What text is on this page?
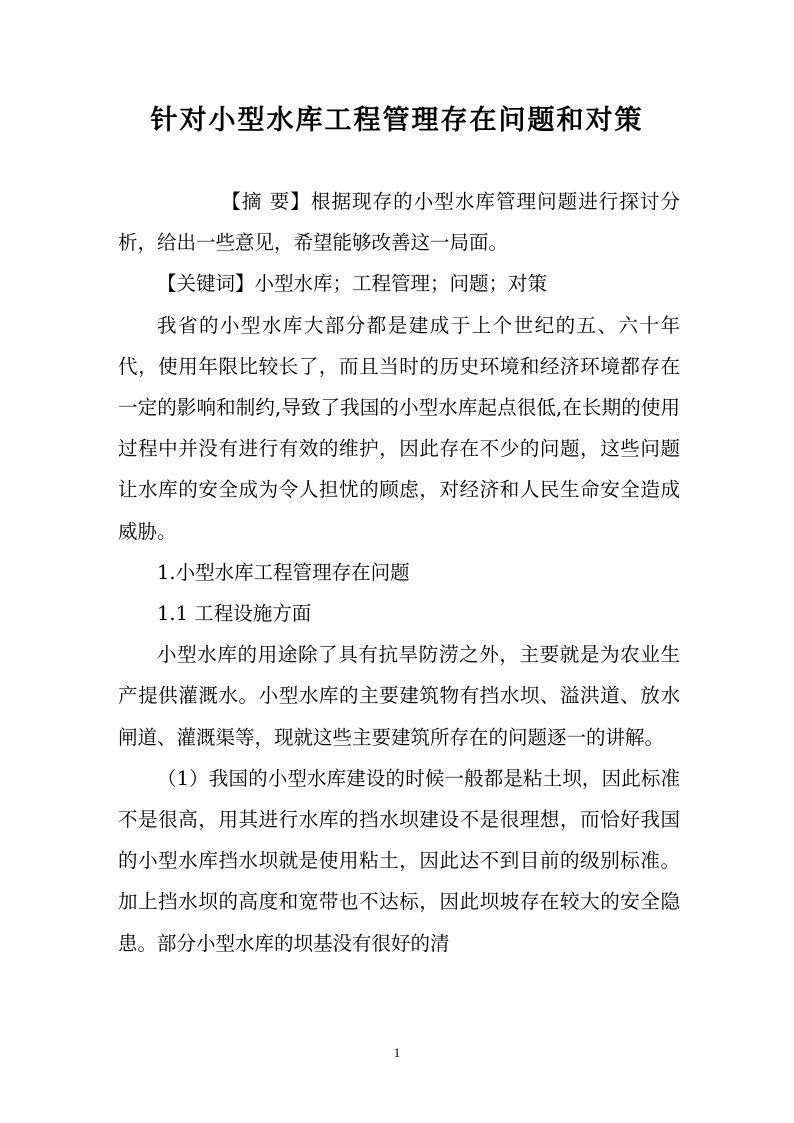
针对小型水库工程管理存在问题和对策

【摘 要】根据现存的小型水库管理问题进行探讨分析，给出一些意见，希望能够改善这一局面。

【关键词】小型水库；工程管理；问题；对策

我省的小型水库大部分都是建成于上个世纪的五、六十年代，使用年限比较长了，而且当时的历史环境和经济环境都存在一定的影响和制约,导致了我国的小型水库起点很低,在长期的使用过程中并没有进行有效的维护，因此存在不少的问题，这些问题让水库的安全成为令人担忧的顾虑，对经济和人民生命安全造成威胁。

1.小型水库工程管理存在问题

1.1 工程设施方面

小型水库的用途除了具有抗旱防涝之外，主要就是为农业生产提供灌溉水。小型水库的主要建筑物有挡水坝、溢洪道、放水闸道、灌溉渠等，现就这些主要建筑所存在的问题逐一的讲解。

（1）我国的小型水库建设的时候一般都是粘土坝，因此标准不是很高，用其进行水库的挡水坝建设不是很理想，而恰好我国的小型水库挡水坝就是使用粘土，因此达不到目前的级别标准。加上挡水坝的高度和宽带也不达标，因此坝坡存在较大的安全隐患。部分小型水库的坝基没有很好的清

1
